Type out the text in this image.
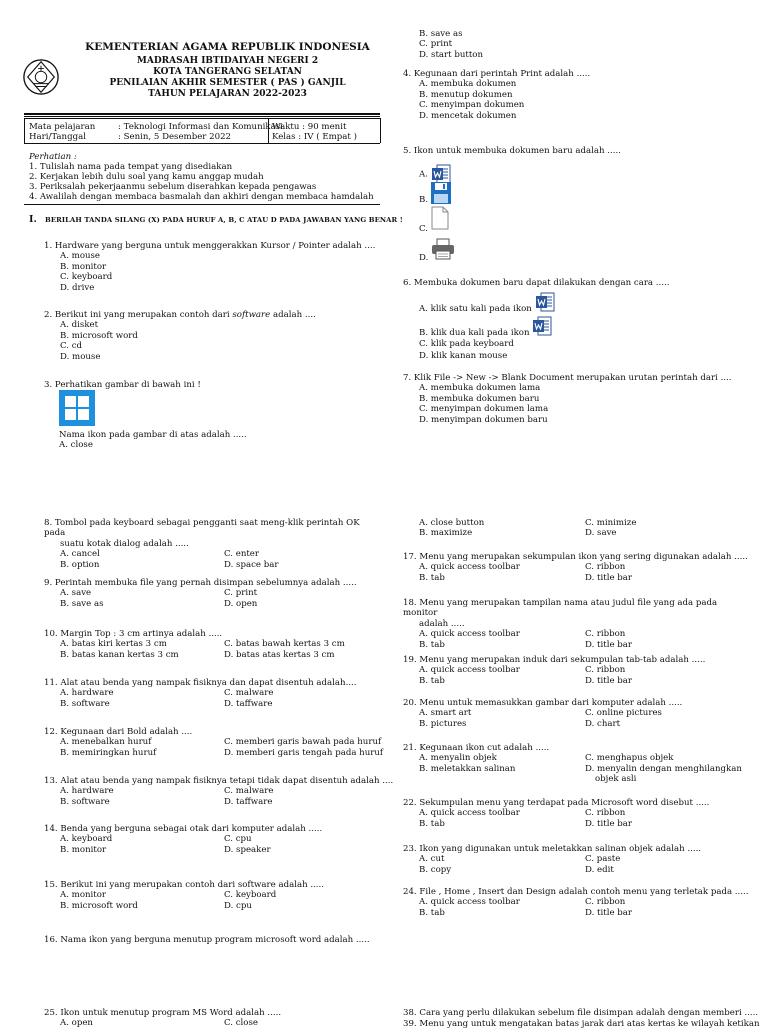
KEMENTERIAN AGAMA REPUBLIK INDONESIA
MADRASAH IBTIDAIYAH NEGERI 2
KOTA TANGERANG SELATAN
PENILAIAN AKHIR SEMESTER ( PAS ) GANJIL
TAHUN PELAJARAN 2022-2023
Mata pelajaran	: Teknologi Informasi dan Komunikasi
Hari/Tanggal	: Senin, 5 Desember 2022
Waktu : 90 menit
Kelas : IV ( Empat )
Perhatian :
1. Tulislah nama pada tempat yang disediakan
2. Kerjakan lebih dulu soal yang kamu anggap mudah
3. Periksalah pekerjaanmu sebelum diserahkan kepada pengawas
4. Awalilah dengan membaca basmalah dan akhiri dengan membaca hamdalah
I. BERILAH TANDA SILANG (X) PADA HURUF A, B, C ATAU D PADA JAWABAN YANG BENAR !
1. Hardware yang berguna untuk menggerakkan Kursor / Pointer adalah ....
A. mouse
B. monitor
C. keyboard
D. drive
2. Berikut ini yang merupakan contoh dari software adalah ....
A. disket
B. microsoft word
C. cd
D. mouse
3. Perhatikan gambar di bawah ini !
Nama ikon pada gambar di atas adalah .....
A. close
B. save as
C. print
D. start button
4. Kegunaan dari perintah Print adalah .....
A. membuka dokumen
B. menutup dokumen
C. menyimpan dokumen
D. mencetak dokumen
5. Ikon untuk membuka dokumen baru adalah .....
A.
B.
C.
D.
6. Membuka dokumen baru dapat dilakukan dengan cara .....
A. klik satu kali pada ikon
B. klik dua kali pada ikon
C. klik pada keyboard
D. klik kanan mouse
7. Klik File -> New -> Blank Document merupakan urutan perintah dari ....
A. membuka dokumen lama
B. membuka dokumen baru
C. menyimpan dokumen lama
D. menyimpan dokumen baru
8. Tombol pada keyboard sebagai pengganti saat meng-klik perintah OK pada
suatu kotak dialog adalah .....
A. cancel	C. enter
B. option	D. space bar
9. Perintah membuka file yang pernah disimpan sebelumnya adalah .....
A. save	C. print
B. save as	D. open
10. Margin Top : 3 cm artinya adalah .....
A. batas kiri kertas 3 cm	C. batas bawah kertas 3 cm
B. batas kanan kertas 3 cm	D. batas atas kertas 3 cm
11. Alat atau benda yang nampak fisiknya dan dapat disentuh adalah....
A. hardware	C. malware
B. software	D. taffware
12. Kegunaan dari Bold adalah ....
A. menebalkan huruf	C. memberi garis bawah pada huruf
B. memiringkan huruf	D. memberi garis tengah pada huruf
13. Alat atau benda yang nampak fisiknya tetapi tidak dapat disentuh adalah ....
A. hardware	C. malware
B. software	D. taffware
14. Benda yang berguna sebagai otak dari komputer adalah .....
A. keyboard	C. cpu
B. monitor	D. speaker
15. Berikut ini yang merupakan contoh dari software adalah .....
A. monitor	C. keyboard
B. microsoft word	D. cpu
16. Nama ikon yang berguna menutup program microsoft word adalah .....
25. Ikon untuk menutup program MS Word adalah .....
A. open	C. close
A. close button	C. minimize
B. maximize	D. save
17. Menu yang merupakan sekumpulan ikon yang sering digunakan adalah .....
A. quick access toolbar	C. ribbon
B. tab	D. title bar
18. Menu yang merupakan tampilan nama atau judul file yang ada pada monitor
adalah .....
A. quick access toolbar	C. ribbon
B. tab	D. title bar
19. Menu yang merupakan induk dari sekumpulan tab-tab adalah .....
A. quick access toolbar	C. ribbon
B. tab	D. title bar
20. Menu untuk memasukkan gambar dari komputer adalah .....
A. smart art	C. online pictures
B. pictures	D. chart
21. Kegunaan ikon cut adalah .....
A. menyalin objek	C. menghapus objek
B. meletakkan salinan	D. menyalin dengan menghilangkan
objek asli
22. Sekumpulan menu yang terdapat pada Microsoft word disebut .....
A. quick access toolbar	C. ribbon
B. tab	D. title bar
23. Ikon yang digunakan untuk meletakkan salinan objek adalah .....
A. cut	C. paste
B. copy	D. edit
24. File , Home , Insert dan Design adalah contoh menu yang terletak pada .....
A. quick access toolbar	C. ribbon
B. tab	D. title bar
38. Cara yang perlu dilakukan sebelum file disimpan adalah dengan memberi .....
39. Menu yang untuk mengatakan batas jarak dari atas kertas ke wilayah ketikan
